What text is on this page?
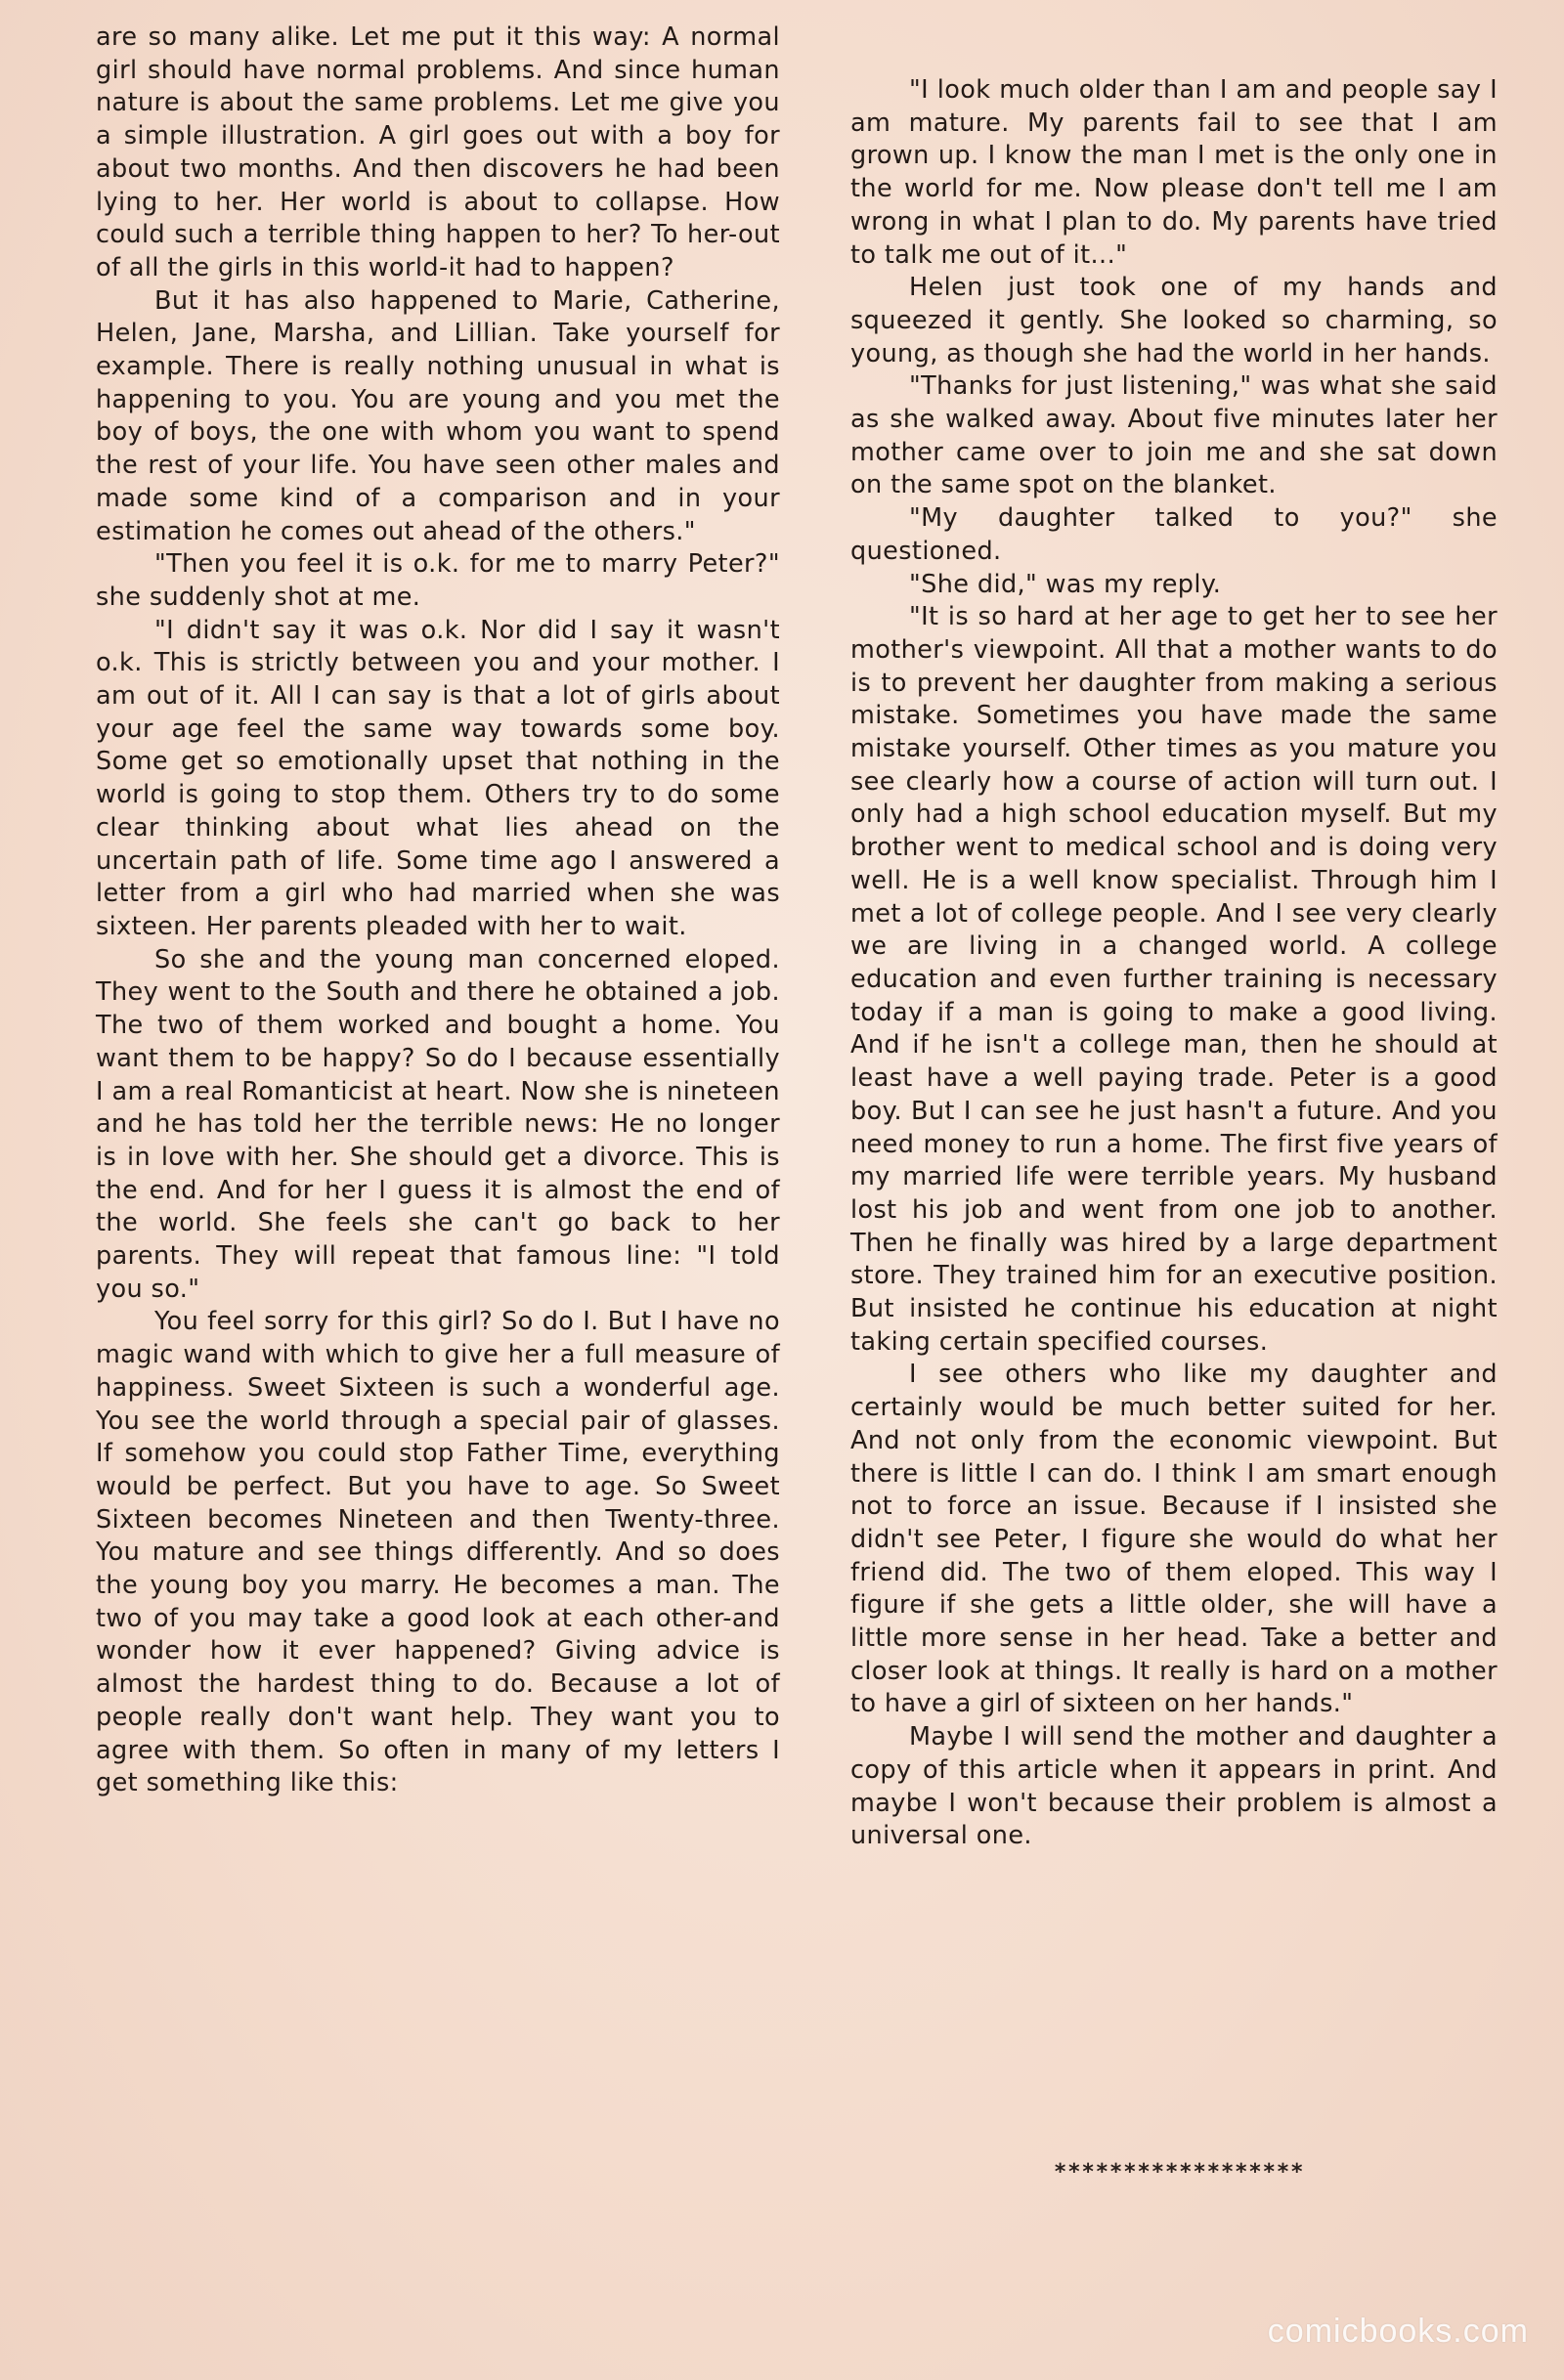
are so many alike. Let me put it this way: A normal girl should have normal problems. And since human nature is about the same problems. Let me give you a simple illustration. A girl goes out with a boy for about two months. And then discovers he had been lying to her. Her world is about to collapse. How could such a terrible thing happen to her? To her-out of all the girls in this world-it had to happen?

But it has also happened to Marie, Catherine, Helen, Jane, Marsha, and Lillian. Take yourself for example. There is really nothing unusual in what is happening to you. You are young and you met the boy of boys, the one with whom you want to spend the rest of your life. You have seen other males and made some kind of a comparison and in your estimation he comes out ahead of the others."

"Then you feel it is o.k. for me to marry Peter?" she suddenly shot at me.

"I didn't say it was o.k. Nor did I say it wasn't o.k. This is strictly between you and your mother. I am out of it. All I can say is that a lot of girls about your age feel the same way towards some boy. Some get so emotionally upset that nothing in the world is going to stop them. Others try to do some clear thinking about what lies ahead on the uncertain path of life. Some time ago I answered a letter from a girl who had married when she was sixteen. Her parents pleaded with her to wait.

So she and the young man concerned eloped. They went to the South and there he obtained a job. The two of them worked and bought a home. You want them to be happy? So do I because essentially I am a real Romanticist at heart. Now she is nineteen and he has told her the terrible news: He no longer is in love with her. She should get a divorce. This is the end. And for her I guess it is almost the end of the world. She feels she can't go back to her parents. They will repeat that famous line: "I told you so."

You feel sorry for this girl? So do I. But I have no magic wand with which to give her a full measure of happiness. Sweet Sixteen is such a wonderful age. You see the world through a special pair of glasses. If somehow you could stop Father Time, everything would be perfect. But you have to age. So Sweet Sixteen becomes Nineteen and then Twenty-three. You mature and see things differently. And so does the young boy you marry. He becomes a man. The two of you may take a good look at each other-and wonder how it ever happened? Giving advice is almost the hardest thing to do. Because a lot of people really don't want help. They want you to agree with them. So often in many of my letters I get something like this:

"I look much older than I am and people say I am mature. My parents fail to see that I am grown up. I know the man I met is the only one in the world for me. Now please don't tell me I am wrong in what I plan to do. My parents have tried to talk me out of it..."

Helen just took one of my hands and squeezed it gently. She looked so charming, so young, as though she had the world in her hands.

"Thanks for just listening," was what she said as she walked away. About five minutes later her mother came over to join me and she sat down on the same spot on the blanket.

"My daughter talked to you?" she questioned.

"She did," was my reply.

"It is so hard at her age to get her to see her mother's viewpoint. All that a mother wants to do is to prevent her daughter from making a serious mistake. Sometimes you have made the same mistake yourself. Other times as you mature you see clearly how a course of action will turn out. I only had a high school education myself. But my brother went to medical school and is doing very well. He is a well know specialist. Through him I met a lot of college people. And I see very clearly we are living in a changed world. A college education and even further training is necessary today if a man is going to make a good living. And if he isn't a college man, then he should at least have a well paying trade. Peter is a good boy. But I can see he just hasn't a future. And you need money to run a home. The first five years of my married life were terrible years. My husband lost his job and went from one job to another. Then he finally was hired by a large department store. They trained him for an executive position. But insisted he continue his education at night taking certain specified courses.

I see others who like my daughter and certainly would be much better suited for her. And not only from the economic viewpoint. But there is little I can do. I think I am smart enough not to force an issue. Because if I insisted she didn't see Peter, I figure she would do what her friend did. The two of them eloped. This way I figure if she gets a little older, she will have a little more sense in her head. Take a better and closer look at things. It really is hard on a mother to have a girl of sixteen on her hands."

Maybe I will send the mother and daughter a copy of this article when it appears in print. And maybe I won't because their problem is almost a universal one.

******************
comicbooks.com
